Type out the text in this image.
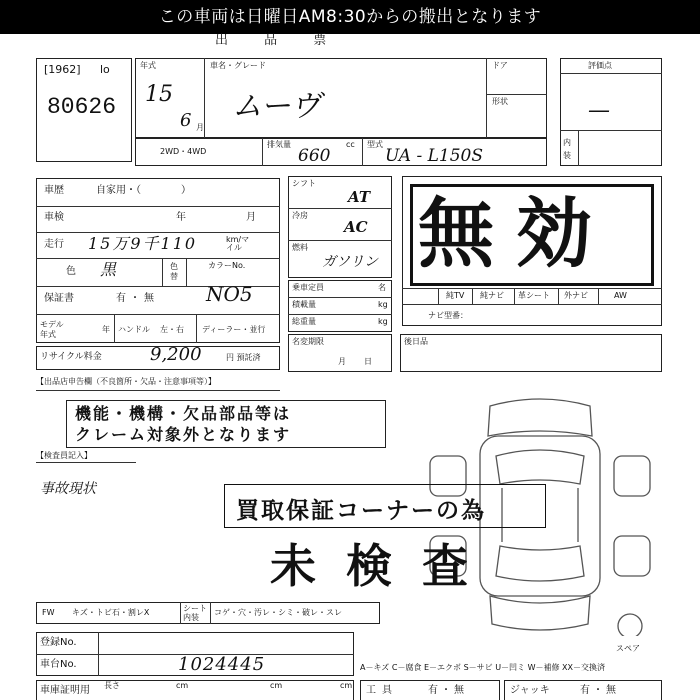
この車両は日曜日AM8:30からの搬出となります
出 品 票
[1962] lo
80626
年式
15
6 月
車名・グレード
ムーヴ
ドア
形状
2WD・4WD
排気量	cc
660
型式
UA - L150S
評価点
—
内装
車歴	自家用・（　　　　）
車検	年	月
走行 15万9千110	km/マイル
色 黒	色替
カラーNo.
保証書	有・無 NO5
モデル年式
年 ハンドル 左・右 ディーラー・並行
リサイクル料金	9,200	円 預託済
シフト
AT
冷房
AC
燃料
ガソリン
乗車定員	名
積載量	kg
総重量	kg
名変期限
月日
純TV 純ナビ 革シート 外ナビ	AW
ナビ型番：
無効
後日品
【出品店申告欄（不良箇所・欠品・注意事項等）】
機能・機構・欠品部品等は
クレーム対象外となります
【検査員記入】
事故現状
スペア
買取保証コーナーの為
未検査
FW キズ・トビ石・割レX	シート内装
コゲ・穴・汚レ・シミ・破レ・スレ
登録No.
車台No.	1024445	A－キズ C－腐食 E－エクボ S－サビ U－凹ミ W－補修 XX－交換済
車庫証明用 長さ	cm	cm	cm 工具	有・無	ジャッキ	有・無
